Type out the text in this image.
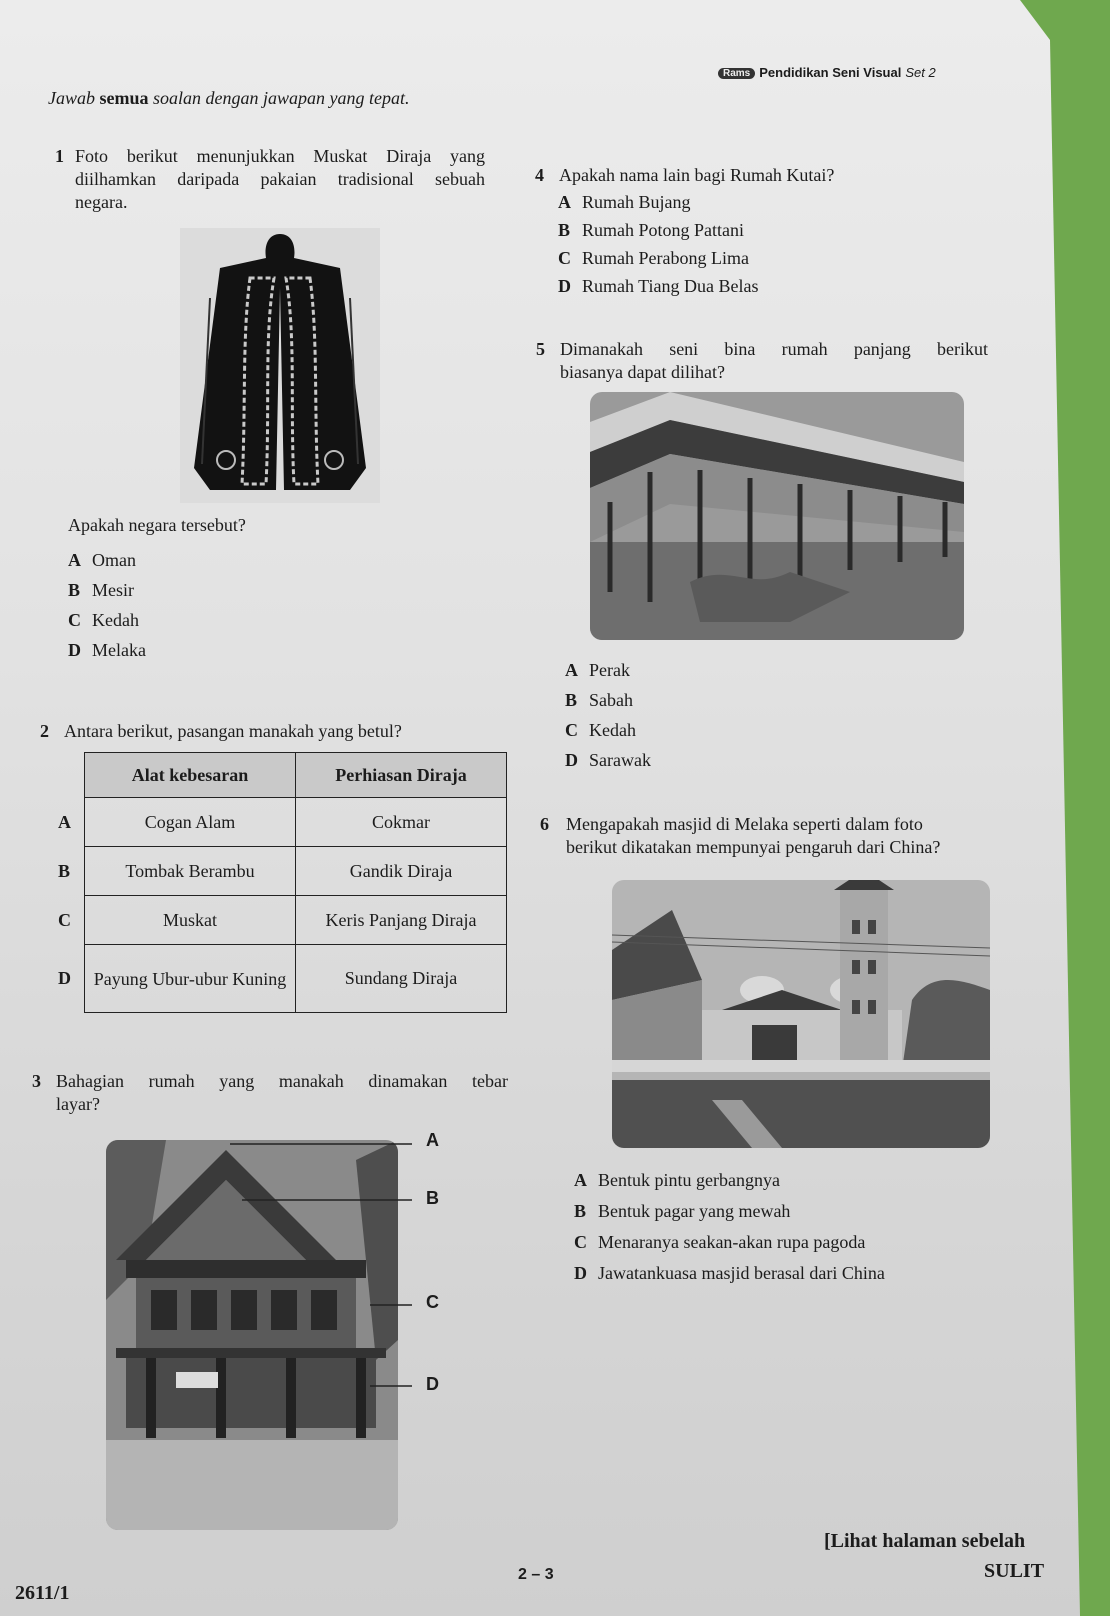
Rams Pendidikan Seni Visual Set 2
Jawab semua soalan dengan jawapan yang tepat.
1 Foto berikut menunjukkan Muskat Diraja yang
diilhamkan daripada pakaian tradisional sebuah
negara.
Apakah negara tersebut?
A Oman
B Mesir
C Kedah
D Melaka
2 Antara berikut, pasangan manakah yang betul?
	Alat kebesaran	Perhiasan Diraja
A	Cogan Alam	Cokmar
B	Tombak Berambu	Gandik Diraja
C	Muskat	Keris Panjang Diraja
D	Payung Ubur-ubur Kuning	Sundang Diraja
3 Bahagian rumah yang manakah dinamakan tebar
layar?
A
B
C
D
4 Apakah nama lain bagi Rumah Kutai?
A Rumah Bujang
B Rumah Potong Pattani
C Rumah Perabong Lima
D Rumah Tiang Dua Belas
5 Dimanakah seni bina rumah panjang berikut
biasanya dapat dilihat?
A Perak
B Sabah
C Kedah
D Sarawak
6 Mengapakah masjid di Melaka seperti dalam foto
berikut dikatakan mempunyai pengaruh dari China?
A Bentuk pintu gerbangnya
B Bentuk pagar yang mewah
C Menaranya seakan-akan rupa pagoda
D Jawatankuasa masjid berasal dari China
[Lihat halaman sebelah
2 – 3	SULIT
2611/1
